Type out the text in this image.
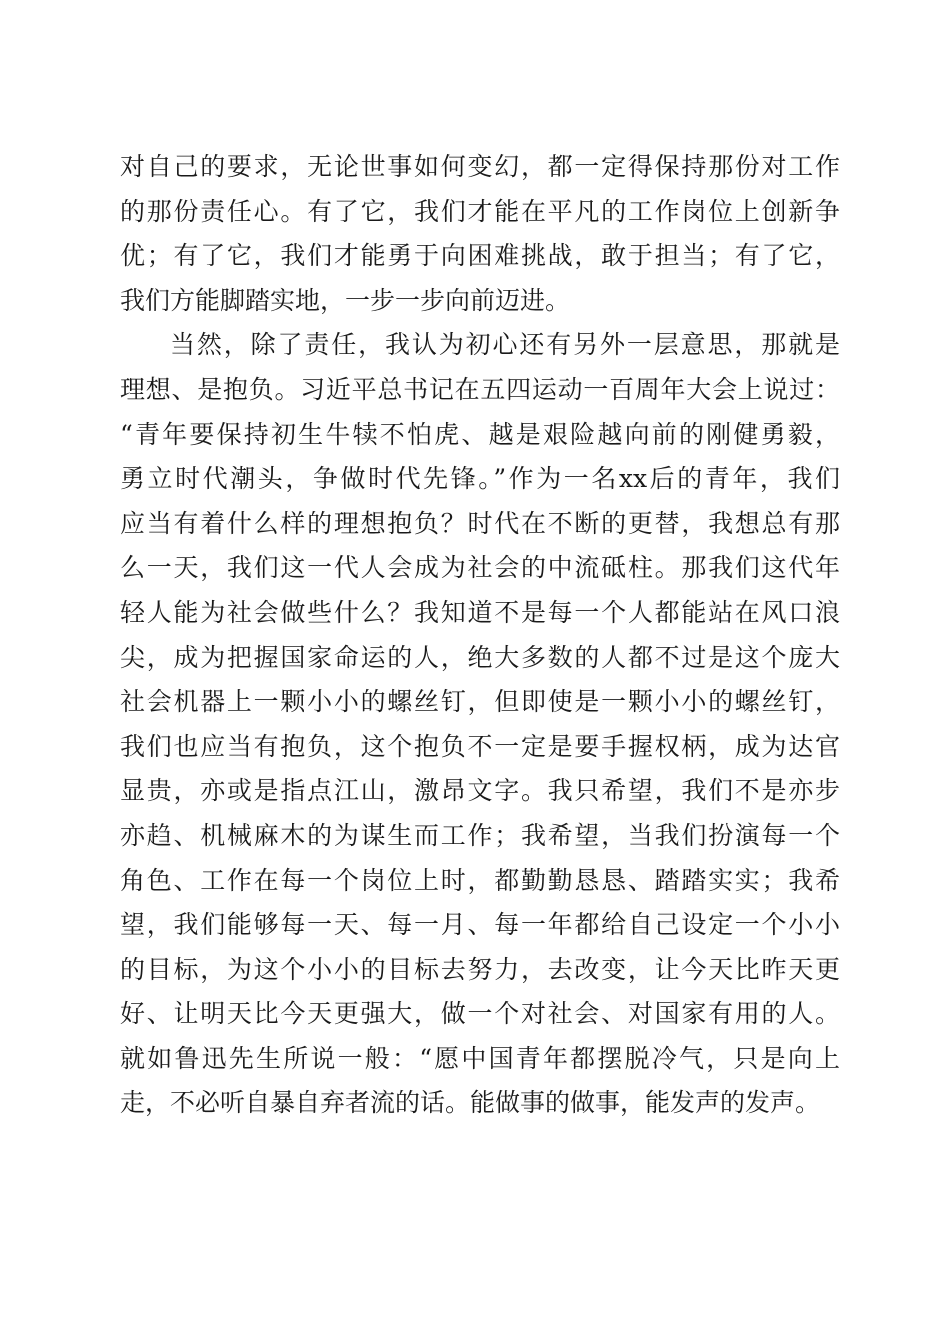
对自己的要求，无论世事如何变幻，都一定得保持那份对工作
的那份责任心。有了它，我们才能在平凡的工作岗位上创新争
优；有了它，我们才能勇于向困难挑战，敢于担当；有了它，
我们方能脚踏实地，一步一步向前迈进。
当然，除了责任，我认为初心还有另外一层意思，那就是
理想、是抱负。习近平总书记在五四运动一百周年大会上说过：
“青年要保持初生牛犊不怕虎、越是艰险越向前的刚健勇毅，
勇立时代潮头，争做时代先锋。”作为一名xx后的青年，我们
应当有着什么样的理想抱负？时代在不断的更替，我想总有那
么一天，我们这一代人会成为社会的中流砥柱。那我们这代年
轻人能为社会做些什么？我知道不是每一个人都能站在风口浪
尖，成为把握国家命运的人，绝大多数的人都不过是这个庞大
社会机器上一颗小小的螺丝钉，但即使是一颗小小的螺丝钉，
我们也应当有抱负，这个抱负不一定是要手握权柄，成为达官
显贵，亦或是指点江山，激昂文字。我只希望，我们不是亦步
亦趋、机械麻木的为谋生而工作；我希望，当我们扮演每一个
角色、工作在每一个岗位上时，都勤勤恳恳、踏踏实实；我希
望，我们能够每一天、每一月、每一年都给自己设定一个小小
的目标，为这个小小的目标去努力，去改变，让今天比昨天更
好、让明天比今天更强大，做一个对社会、对国家有用的人。
就如鲁迅先生所说一般：“愿中国青年都摆脱冷气，只是向上
走，不必听自暴自弃者流的话。能做事的做事，能发声的发声。
